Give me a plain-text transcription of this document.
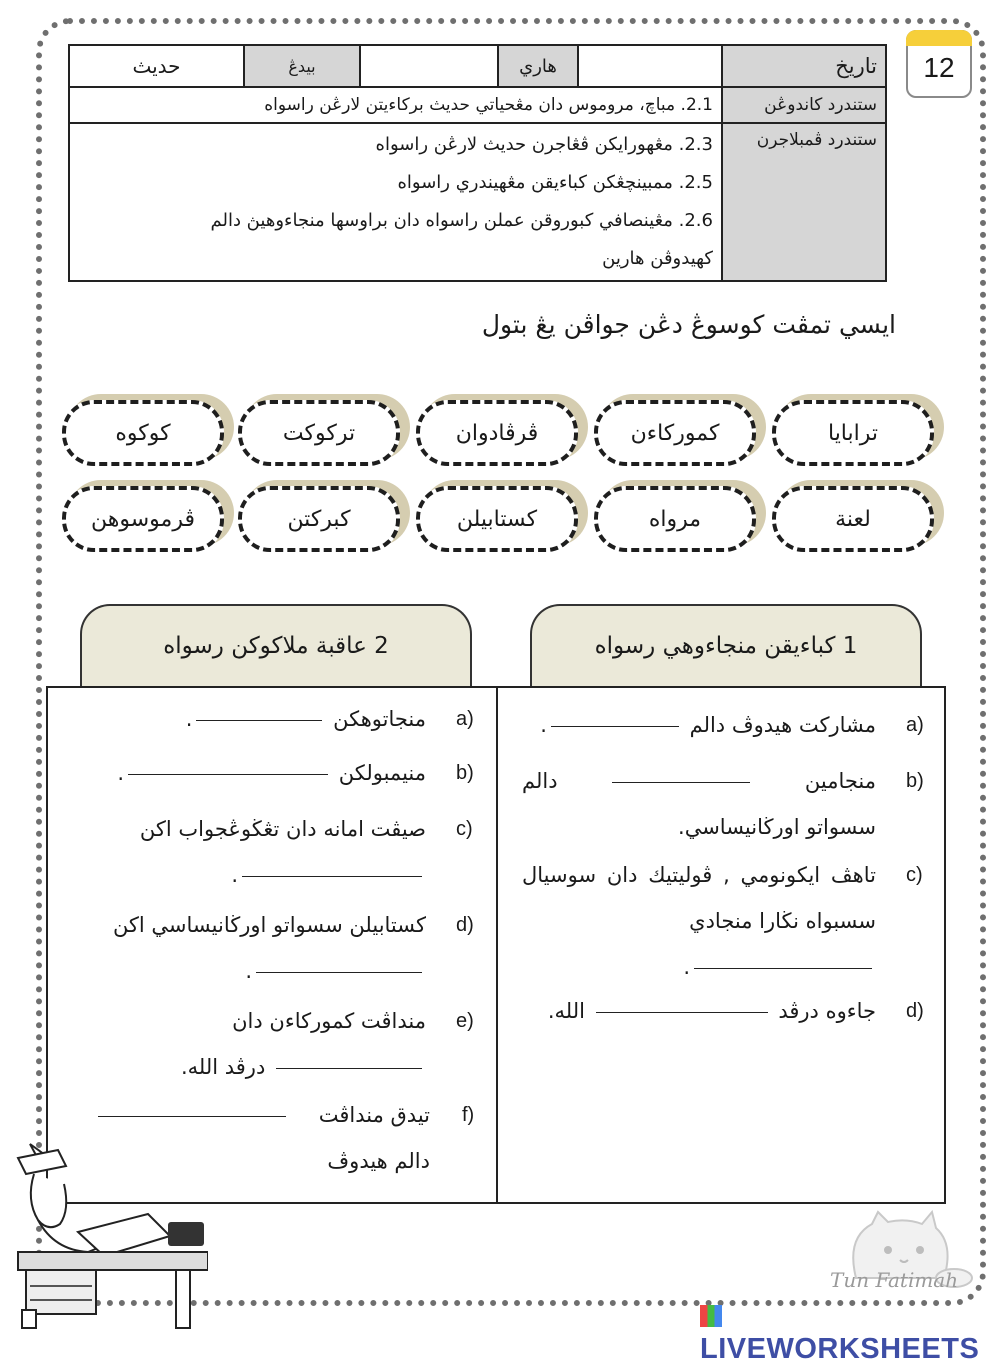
12
تاريخ		هاري		بيدڠ	حديث
ستندرد كاندوڠن	2.1. مباچ، مروموس دان مڠحياتي حديث بركاءيتن لارڠن راسواه				
ستندرد ڤمبلاجرن	2.3. مڠهورايكن ڤڠاجرن حديث لارڠن راسواه
2.5. ممبينچڠكن كباءيقن مڠهيندري راسواه
2.6. مڠينصافي كبوروقن عملن راسواه دان براوسها منجاءوهيڽ دالم
كهيدوڤن هارين				
ايسي تمڤت كوسوڠ دڠن جواڤن يڠ بتول
ترابايا
كموركاءن
ڤرڤادوان
تركوكت
كوكوه
لعنة
مرواه
كستابيلن
كبركتن
ڤرموسوهن
1 كباءيقن منجاءوهي رسواه
2 عاقبة ملاكوكن رسواه
a)
مشاركت هيدوڤ دالم .
b)
منجامين  دالم سسواتو اورڬانيساسي.
c)
تاهڤ ايكونومي , ڤوليتيك دان سوسيال سسبواه نڬارا منجادي
.
d)
جاءوه درڤد  الله.
a)
منجاتوهكن .
b)
منيمبولكن .
c)
صيڤت امانه دان تڠڬوڠجواب اكن
.
d)
كستابيلن سسواتو اورڬانيساسي اكن
.
e)
منداڤت كموركاءن دان
درڤد الله.
f)
تيدق منداڤت
دالم هيدوڤ
Tun Fatimah
LIVEWORKSHEETS
